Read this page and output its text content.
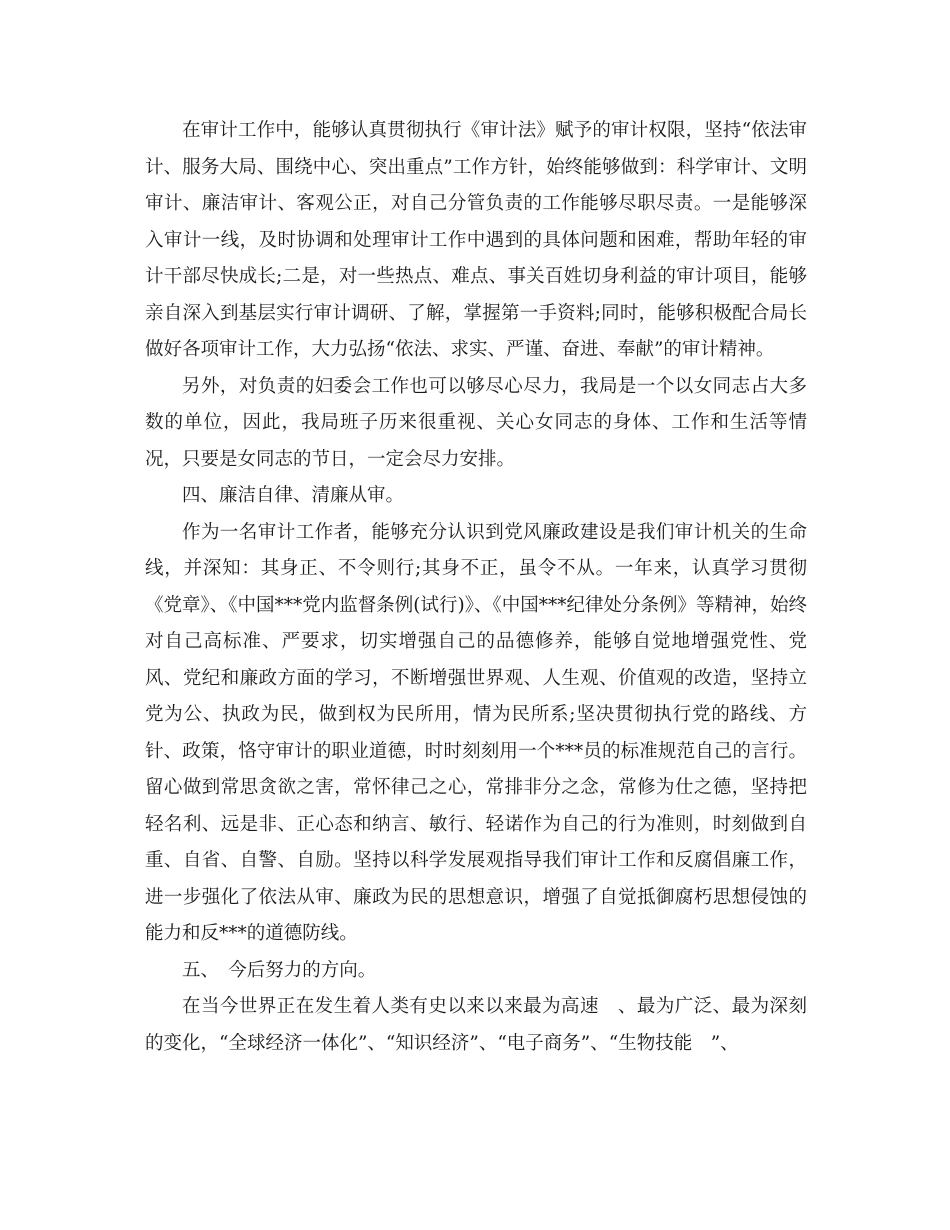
在审计工作中，能够认真贯彻执行《审计法》赋予的审计权限，坚持“依法审计、服务大局、围绕中心、突出重点”工作方针，始终能够做到：科学审计、文明审计、廉洁审计、客观公正，对自己分管负责的工作能够尽职尽责。一是能够深入审计一线，及时协调和处理审计工作中遇到的具体问题和困难，帮助年轻的审计干部尽快成长;二是，对一些热点、难点、事关百姓切身利益的审计项目，能够亲自深入到基层实行审计调研、了解，掌握第一手资料;同时，能够积极配合局长做好各项审计工作，大力弘扬“依法、求实、严谨、奋进、奉献”的审计精神。

另外，对负责的妇委会工作也可以够尽心尽力，我局是一个以女同志占大多数的单位，因此，我局班子历来很重视、关心女同志的身体、工作和生活等情况，只要是女同志的节日，一定会尽力安排。

四、廉洁自律、清廉从审。

作为一名审计工作者，能够充分认识到党风廉政建设是我们审计机关的生命线，并深知：其身正、不令则行;其身不正，虽令不从。一年来，认真学习贯彻《党章》、《中国***党内监督条例(试行)》、《中国***纪律处分条例》等精神，始终对自己高标准、严要求，切实增强自己的品德修养，能够自觉地增强党性、党风、党纪和廉政方面的学习，不断增强世界观、人生观、价值观的改造，坚持立党为公、执政为民，做到权为民所用，情为民所系;坚决贯彻执行党的路线、方针、政策，恪守审计的职业道德，时时刻刻用一个***员的标准规范自己的言行。留心做到常思贪欲之害，常怀律己之心，常排非分之念，常修为仕之德，坚持把轻名利、远是非、正心态和纳言、敏行、轻诺作为自己的行为准则，时刻做到自重、自省、自警、自励。坚持以科学发展观指导我们审计工作和反腐倡廉工作，进一步强化了依法从审、廉政为民的思想意识，增强了自觉抵御腐朽思想侵蚀的能力和反***的道德防线。

五、　今后努力的方向。

在当今世界正在发生着人类有史以来以来最为高速　、最为广泛、最为深刻的变化，“全球经济一体化”、“知识经济”、“电子商务”、“生物技能　”、
